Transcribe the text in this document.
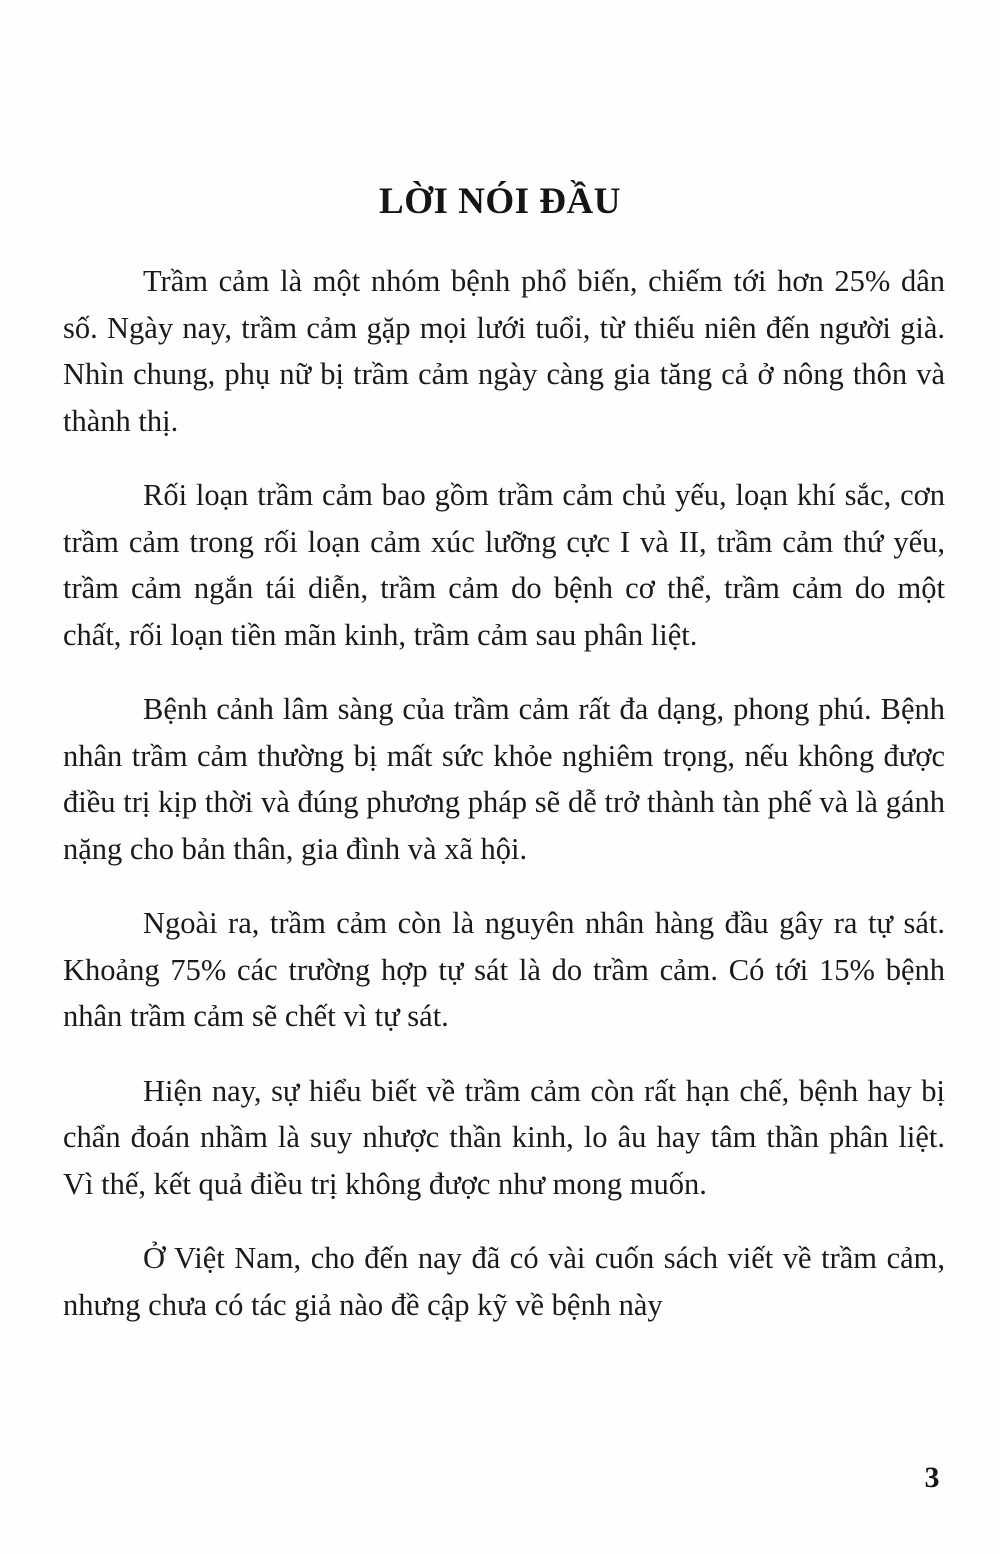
LỜI NÓI ĐẦU

Trầm cảm là một nhóm bệnh phổ biến, chiếm tới hơn 25% dân số. Ngày nay, trầm cảm gặp mọi lưới tuổi, từ thiếu niên đến người già. Nhìn chung, phụ nữ bị trầm cảm ngày càng gia tăng cả ở nông thôn và thành thị.

Rối loạn trầm cảm bao gồm trầm cảm chủ yếu, loạn khí sắc, cơn trầm cảm trong rối loạn cảm xúc lưỡng cực I và II, trầm cảm thứ yếu, trầm cảm ngắn tái diễn, trầm cảm do bệnh cơ thể, trầm cảm do một chất, rối loạn tiền mãn kinh, trầm cảm sau phân liệt.

Bệnh cảnh lâm sàng của trầm cảm rất đa dạng, phong phú. Bệnh nhân trầm cảm thường bị mất sức khỏe nghiêm trọng, nếu không được điều trị kịp thời và đúng phương pháp sẽ dễ trở thành tàn phế và là gánh nặng cho bản thân, gia đình và xã hội.

Ngoài ra, trầm cảm còn là nguyên nhân hàng đầu gây ra tự sát. Khoảng 75% các trường hợp tự sát là do trầm cảm. Có tới 15% bệnh nhân trầm cảm sẽ chết vì tự sát.

Hiện nay, sự hiểu biết về trầm cảm còn rất hạn chế, bệnh hay bị chẩn đoán nhầm là suy nhược thần kinh, lo âu hay tâm thần phân liệt. Vì thế, kết quả điều trị không được như mong muốn.

Ở Việt Nam, cho đến nay đã có vài cuốn sách viết về trầm cảm, nhưng chưa có tác giả nào đề cập kỹ về bệnh này

3
